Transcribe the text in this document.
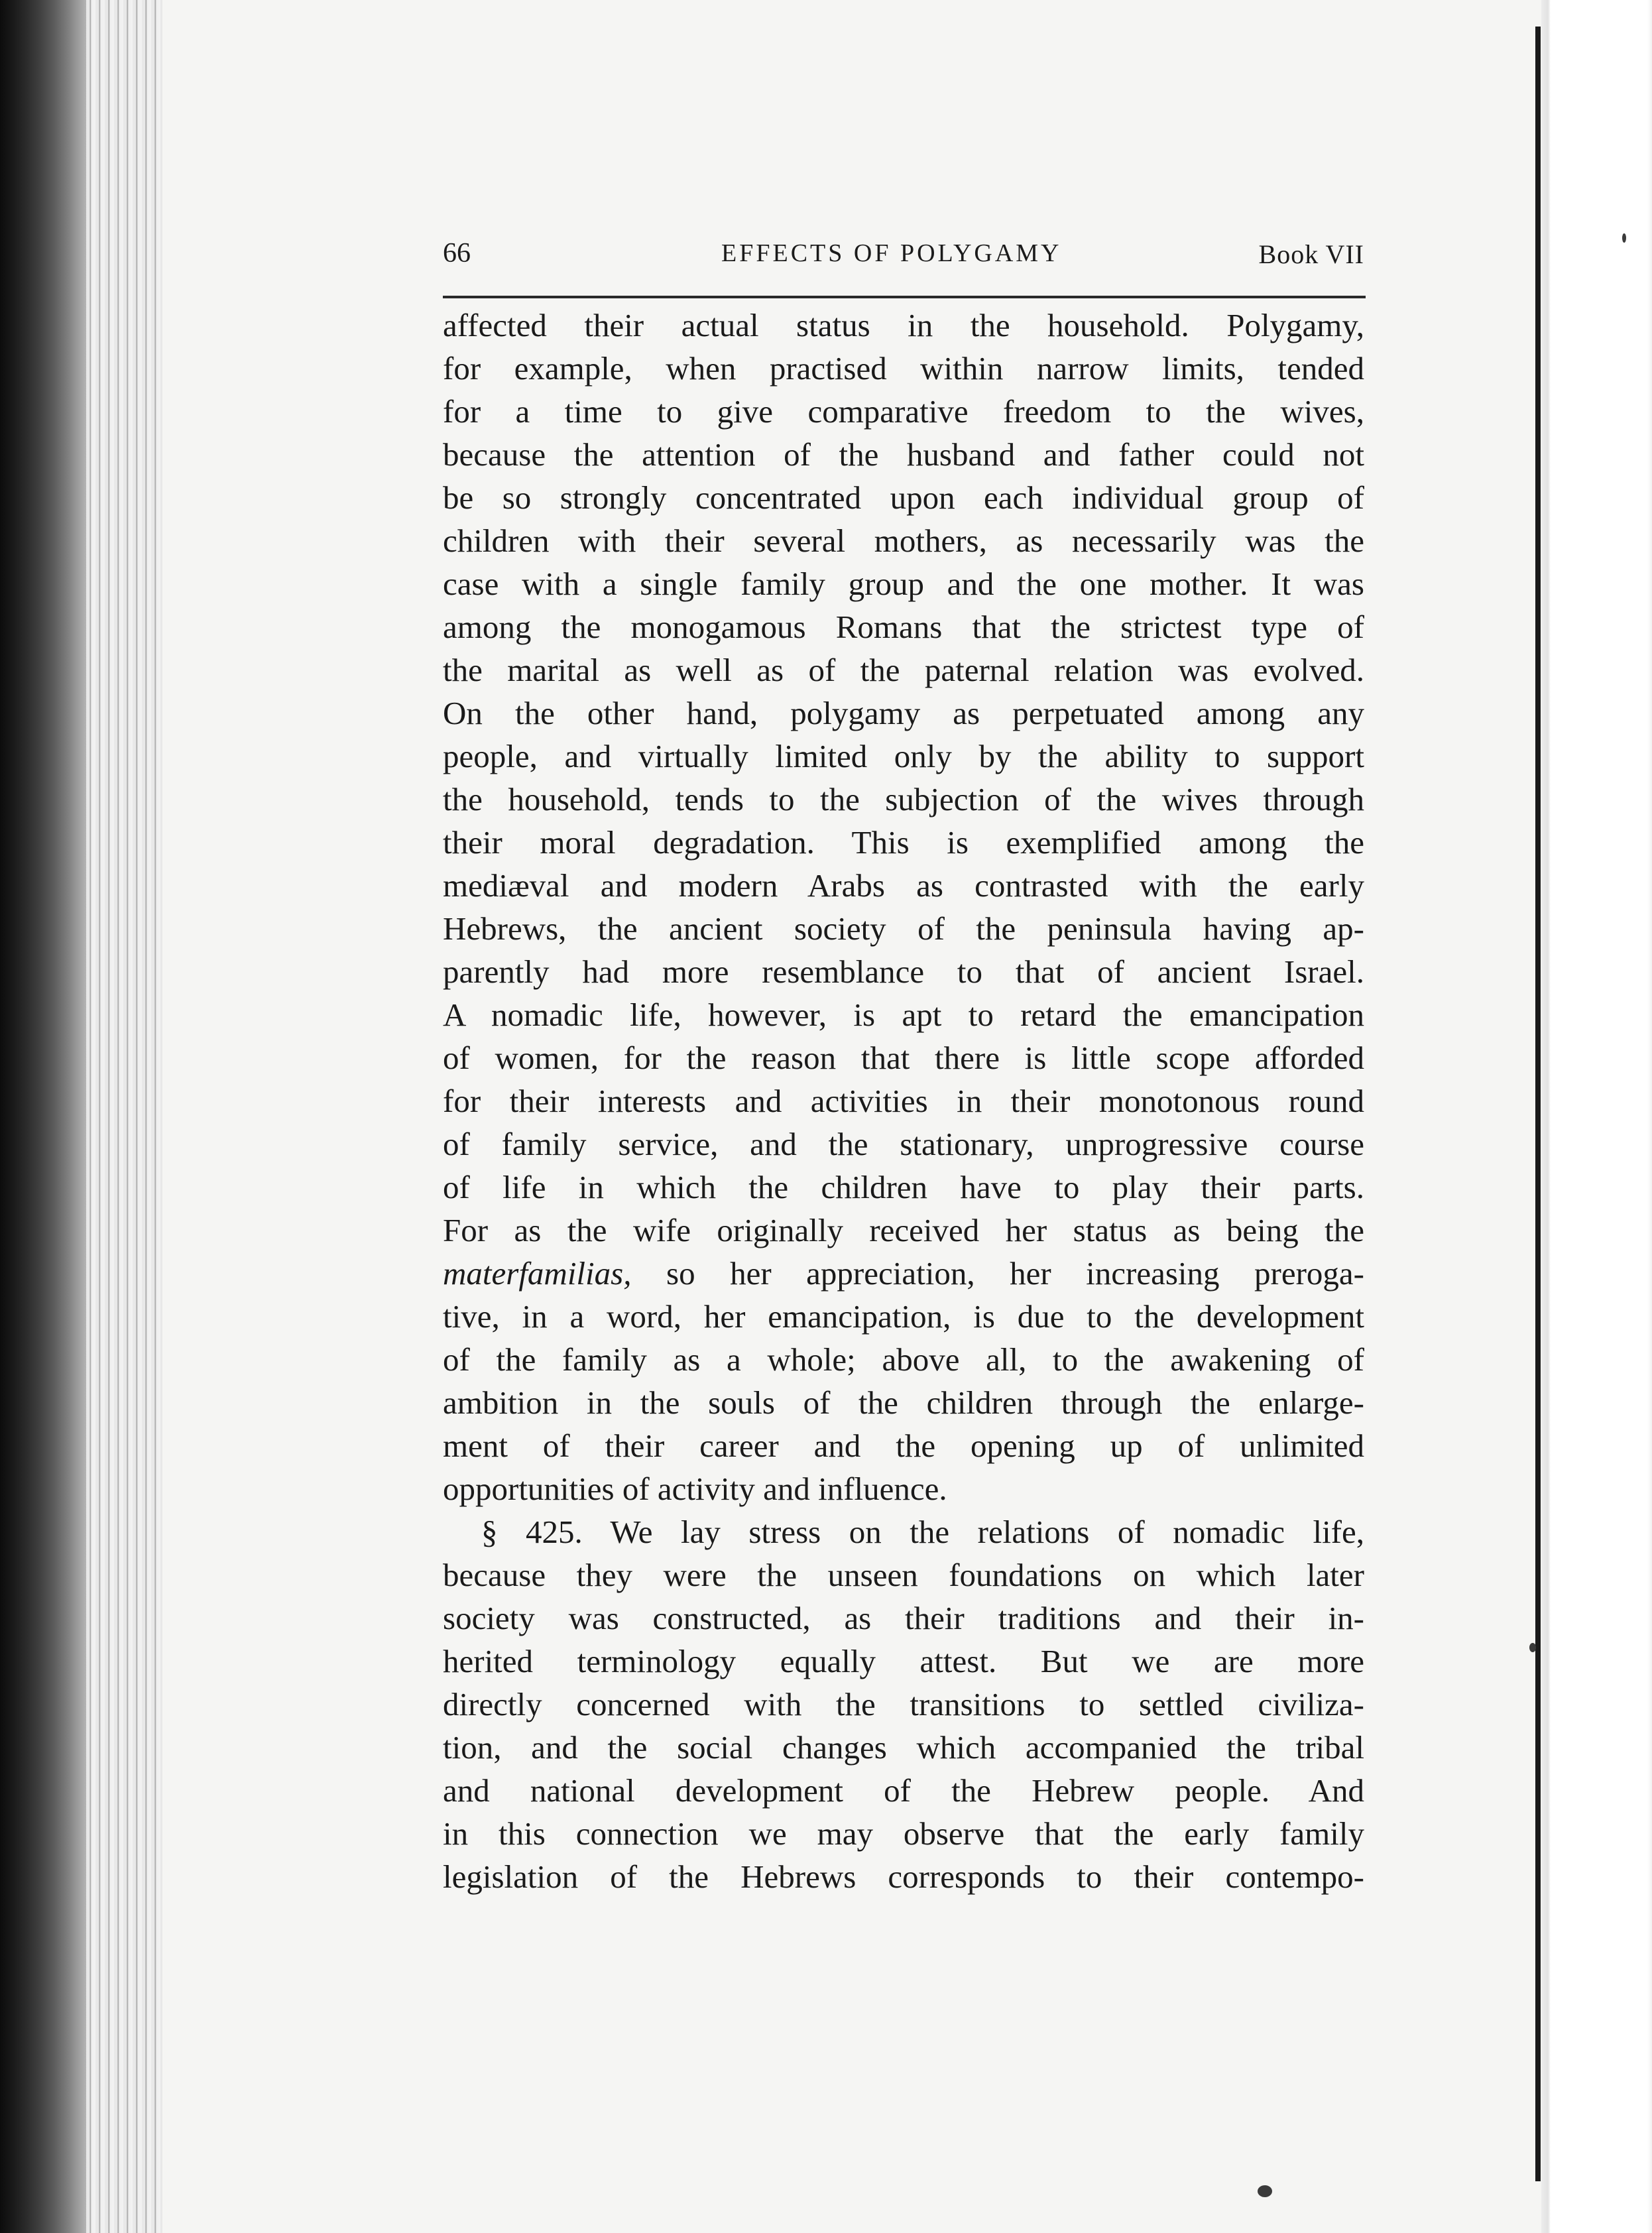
66	EFFECTS OF POLYGAMY	Book VII
affected their actual status in the household. Polygamy,
for example, when practised within narrow limits, tended
for a time to give comparative freedom to the wives,
because the attention of the husband and father could not
be so strongly concentrated upon each individual group of
children with their several mothers, as necessarily was the
case with a single family group and the one mother. It was
among the monogamous Romans that the strictest type of
the marital as well as of the paternal relation was evolved.
On the other hand, polygamy as perpetuated among any
people, and virtually limited only by the ability to support
the household, tends to the subjection of the wives through
their moral degradation. This is exemplified among the
mediæval and modern Arabs as contrasted with the early
Hebrews, the ancient society of the peninsula having ap-
parently had more resemblance to that of ancient Israel.
A nomadic life, however, is apt to retard the emancipation
of women, for the reason that there is little scope afforded
for their interests and activities in their monotonous round
of family service, and the stationary, unprogressive course
of life in which the children have to play their parts.
For as the wife originally received her status as being the
materfamilias, so her appreciation, her increasing preroga-
tive, in a word, her emancipation, is due to the development
of the family as a whole; above all, to the awakening of
ambition in the souls of the children through the enlarge-
ment of their career and the opening up of unlimited
opportunities of activity and influence.
§ 425. We lay stress on the relations of nomadic life,
because they were the unseen foundations on which later
society was constructed, as their traditions and their in-
herited terminology equally attest. But we are more
directly concerned with the transitions to settled civiliza-
tion, and the social changes which accompanied the tribal
and national development of the Hebrew people. And
in this connection we may observe that the early family
legislation of the Hebrews corresponds to their contempo-
